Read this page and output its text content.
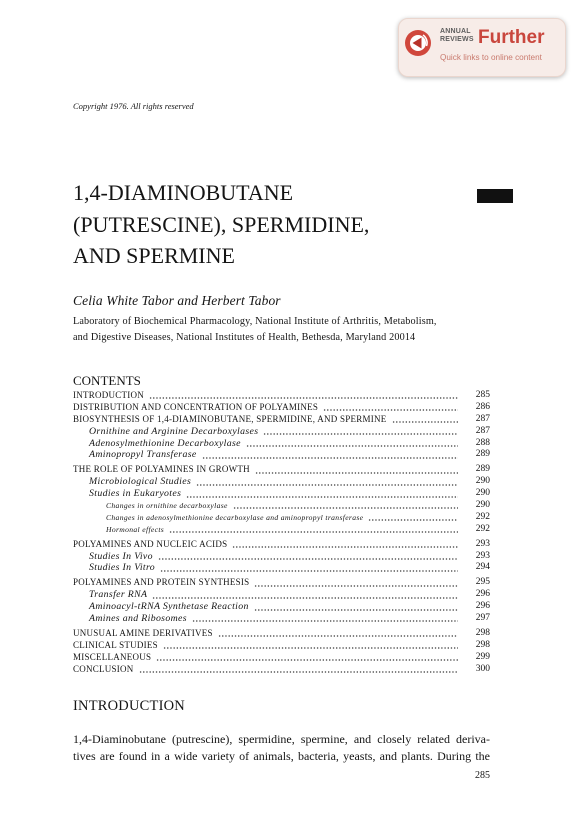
ANNUAL
REVIEWS Further
Quick links to online content
Copyright 1976. All rights reserved
1,4-DIAMINOBUTANE
(PUTRESCINE), SPERMIDINE,
AND SPERMINE
Celia White Tabor and Herbert Tabor
Laboratory of Biochemical Pharmacology, National Institute of Arthritis, Metabolism,
and Digestive Diseases, National Institutes of Health, Bethesda, Maryland 20014
CONTENTS
INTRODUCTION	285
DISTRIBUTION AND CONCENTRATION OF POLYAMINES	286
BIOSYNTHESIS OF 1,4-DIAMINOBUTANE, SPERMIDINE, AND SPERMINE	287
Ornithine and Arginine Decarboxylases	287
Adenosylmethionine Decarboxylase	288
Aminopropyl Transferase	289
THE ROLE OF POLYAMINES IN GROWTH	289
Microbiological Studies	290
Studies in Eukaryotes	290
Changes in ornithine decarboxylase	290
Changes in adenosylmethionine decarboxylase and aminopropyl transferase	292
Hormonal effects	292
POLYAMINES AND NUCLEIC ACIDS	293
Studies In Vivo	293
Studies In Vitro	294
POLYAMINES AND PROTEIN SYNTHESIS	295
Transfer RNA	296
Aminoacyl-tRNA Synthetase Reaction	296
Amines and Ribosomes	297
UNUSUAL AMINE DERIVATIVES	298
CLINICAL STUDIES	298
MISCELLANEOUS	299
CONCLUSION	300
INTRODUCTION
1,4-Diaminobutane (putrescine), spermidine, spermine, and closely related deriva-
tives are found in a wide variety of animals, bacteria, yeasts, and plants. During the
285
